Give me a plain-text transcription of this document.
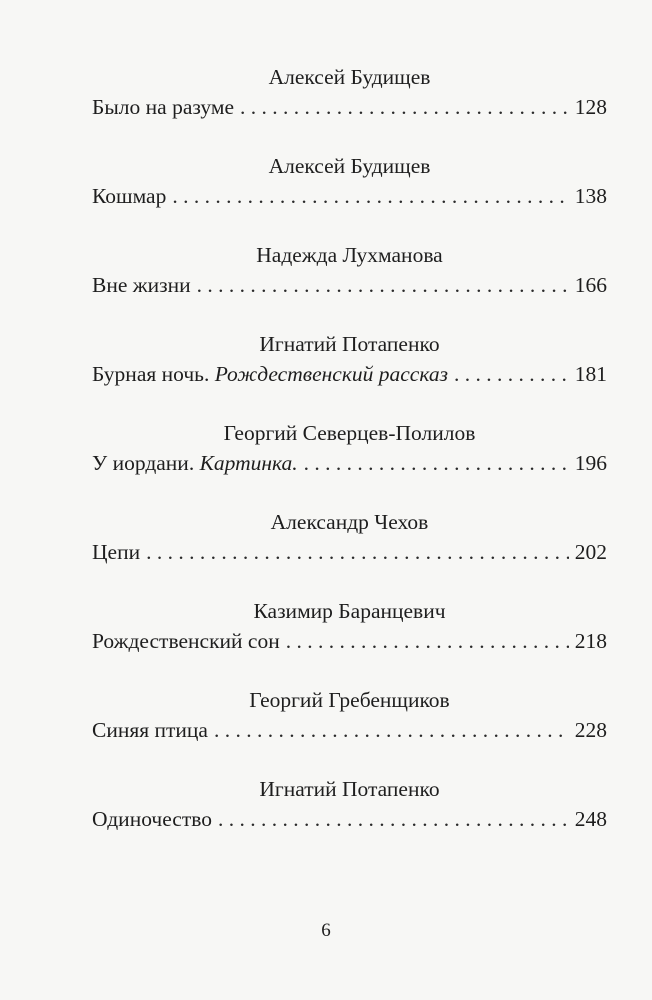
Алексей Будищев
Было на разуме . . .	128
Алексей Будищев
Кошмар . . .	138
Надежда Лухманова
Вне жизни . . .	166
Игнатий Потапенко
Бурная ночь. Рождественский рассказ . . .	181
Георгий Северцев-Полилов
У иордани. Картинка. . . .	196
Александр Чехов
Цепи . . .	202
Казимир Баранцевич
Рождественский сон . . .	218
Георгий Гребенщиков
Синяя птица . . .	228
Игнатий Потапенко
Одиночество . . .	248
6
